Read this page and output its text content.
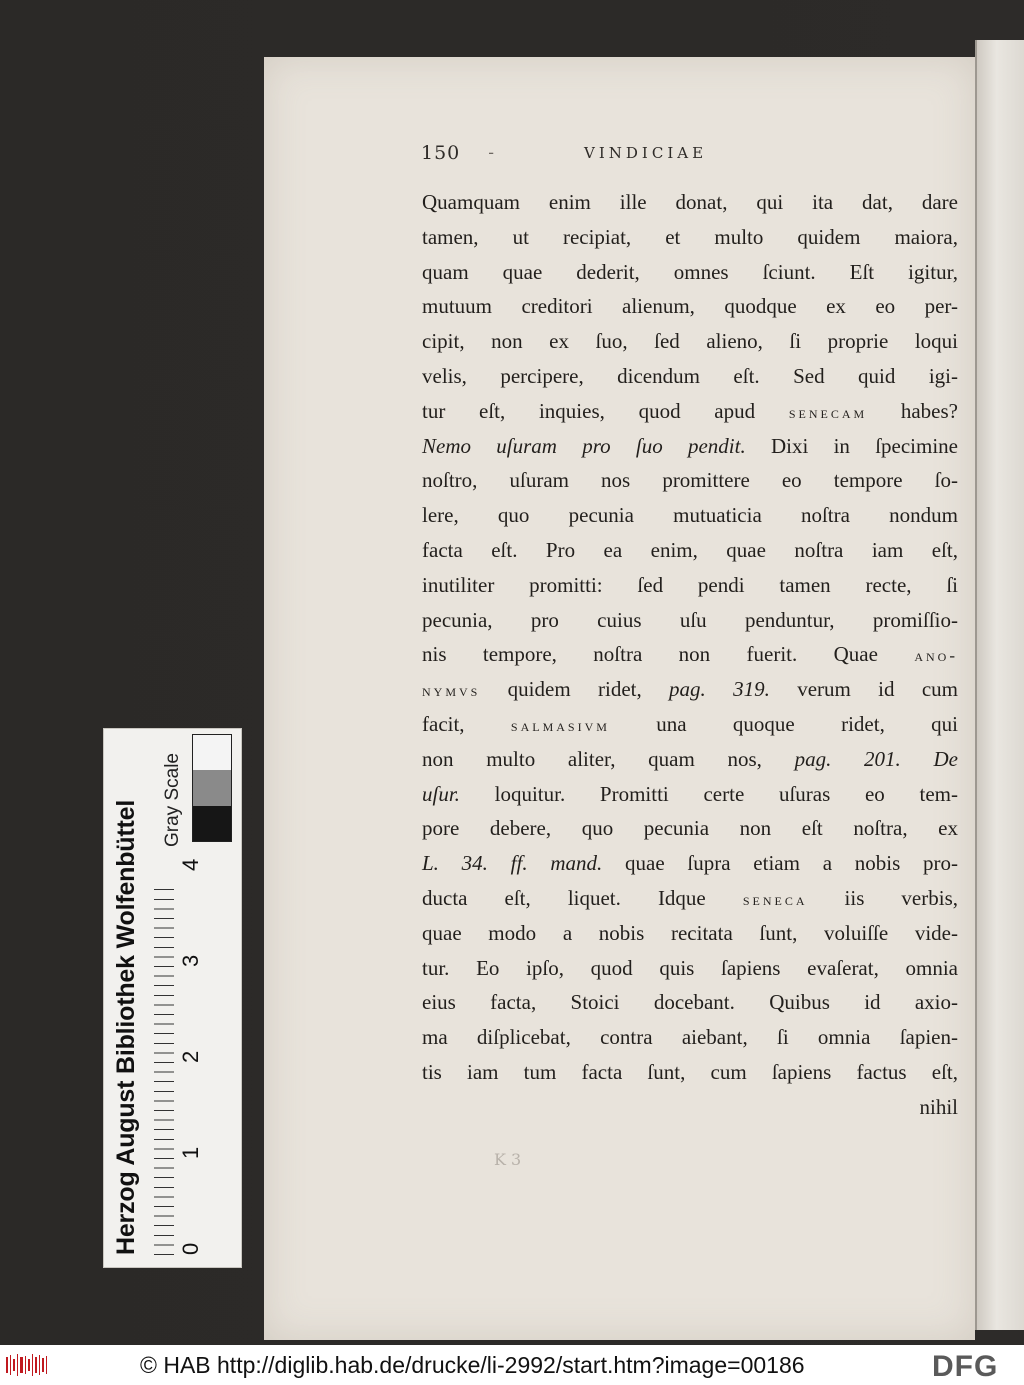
150 -	VINDICIAE
Quamquam enim ille donat, qui ita dat, dare
tamen, ut recipiat, et multo quidem maiora,
quam quae dederit, omnes ſciunt. Eſt igitur,
mutuum creditori alienum, quodque ex eo per-
cipit, non ex ſuo, ſed alieno, ſi proprie loqui
velis, percipere, dicendum eſt. Sed quid igi-
tur eſt, inquies, quod apud senecam habes?
Nemo uſuram pro ſuo pendit. Dixi in ſpecimine
noſtro, uſuram nos promittere eo tempore ſo-
lere, quo pecunia mutuaticia noſtra nondum
facta eſt. Pro ea enim, quae noſtra iam eſt,
inutiliter promitti: ſed pendi tamen recte, ſi
pecunia, pro cuius uſu penduntur, promiſſio-
nis tempore, noſtra non fuerit. Quae ano-
nymvs quidem ridet, pag. 319. verum id cum
facit, salmasivm una quoque ridet, qui
non multo aliter, quam nos, pag. 201. De
uſur. loquitur. Promitti certe uſuras eo tem-
pore debere, quo pecunia non eſt noſtra, ex
L. 34. ff. mand. quae ſupra etiam a nobis pro-
ducta eſt, liquet. Idque seneca iis verbis,
quae modo a nobis recitata ſunt, voluiſſe vide-
tur. Eo ipſo, quod quis ſapiens evaſerat, omnia
eius facta, Stoici docebant. Quibus id axio-
ma diſplicebat, contra aiebant, ſi omnia ſapien-
tis iam tum facta ſunt, cum ſapiens factus eſt,
nihil
K 3
Herzog August Bibliothek Wolfenbüttel 0
1
2
3
4
Gray Scale
© HAB http://diglib.hab.de/drucke/li-2992/start.htm?image=00186	DFG
